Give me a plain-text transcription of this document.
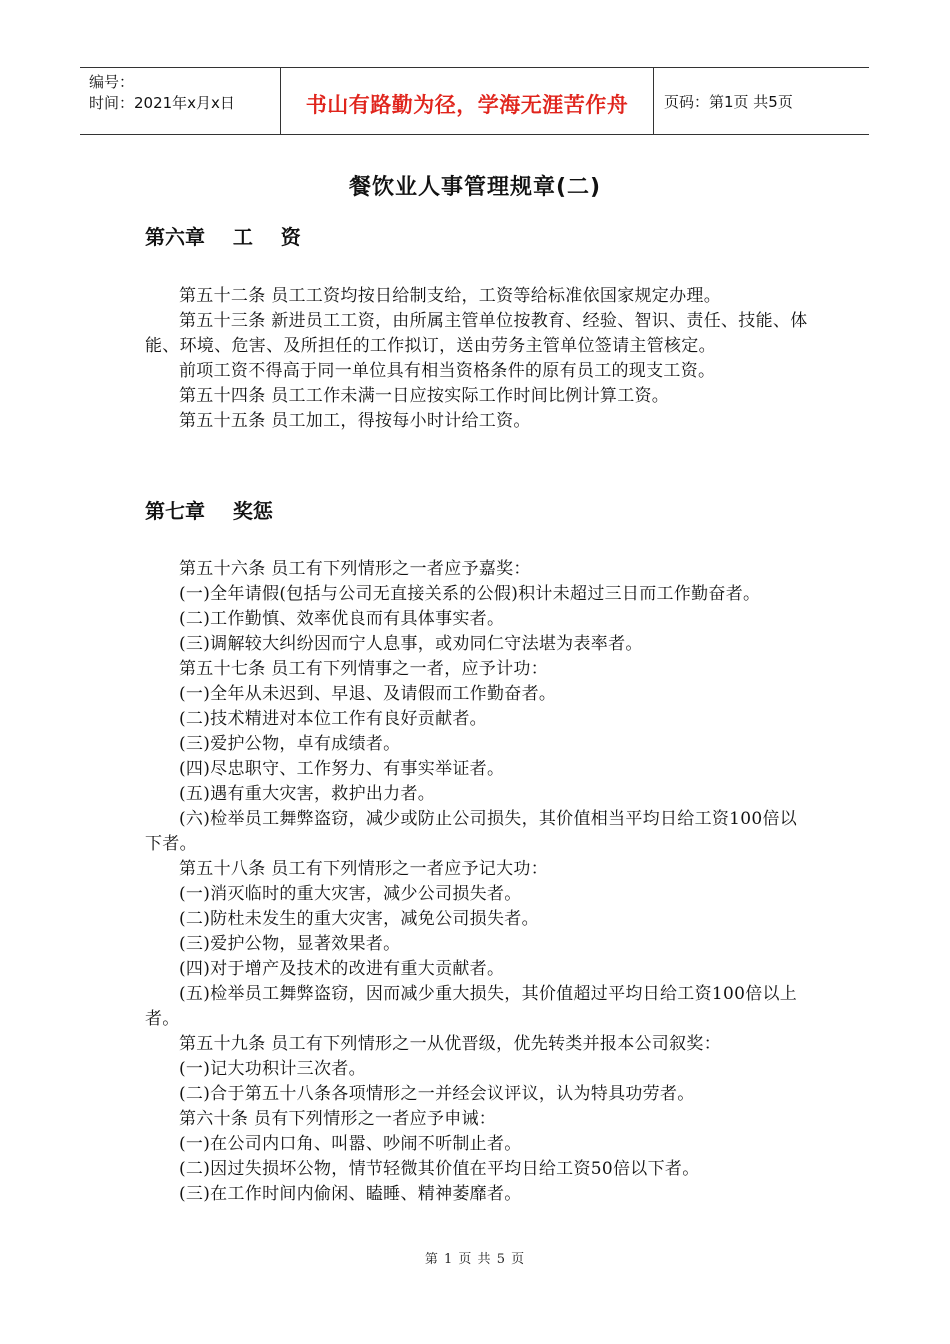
编号：
时间：2021年x月x日	书山有路勤为径，学海无涯苦作舟	页码：第1页 共5页
餐饮业人事管理规章(二)
第六章    工    资

第五十二条 员工工资均按日给制支给，工资等给标准依国家规定办理。

第五十三条 新进员工工资，由所属主管单位按教育、经验、智识、责任、技能、体能、环境、危害、及所担任的工作拟订，送由劳务主管单位签请主管核定。

前项工资不得高于同一单位具有相当资格条件的原有员工的现支工资。

第五十四条 员工工作未满一日应按实际工作时间比例计算工资。

第五十五条 员工加工，得按每小时计给工资。

第七章    奖惩

第五十六条 员工有下列情形之一者应予嘉奖：

(一)全年请假(包括与公司无直接关系的公假)积计未超过三日而工作勤奋者。

(二)工作勤慎、效率优良而有具体事实者。

(三)调解较大纠纷因而宁人息事，或劝同仁守法堪为表率者。

第五十七条 员工有下列情事之一者，应予计功：

(一)全年从未迟到、早退、及请假而工作勤奋者。

(二)技术精进对本位工作有良好贡献者。

(三)爱护公物，卓有成绩者。

(四)尽忠职守、工作努力、有事实举证者。

(五)遇有重大灾害，救护出力者。

(六)检举员工舞弊盗窃，减少或防止公司损失，其价值相当平均日给工资100倍以下者。

第五十八条 员工有下列情形之一者应予记大功：

(一)消灭临时的重大灾害，减少公司损失者。

(二)防杜未发生的重大灾害，减免公司损失者。

(三)爱护公物，显著效果者。

(四)对于增产及技术的改进有重大贡献者。

(五)检举员工舞弊盗窃，因而减少重大损失，其价值超过平均日给工资100倍以上者。

第五十九条 员工有下列情形之一从优晋级，优先转类并报本公司叙奖：

(一)记大功积计三次者。

(二)合于第五十八条各项情形之一并经会议评议，认为特具功劳者。

第六十条 员有下列情形之一者应予申诫：

(一)在公司内口角、叫嚣、吵闹不听制止者。

(二)因过失损坏公物，情节轻微其价值在平均日给工资50倍以下者。

(三)在工作时间内偷闲、瞌睡、精神萎靡者。

第 1 页 共 5 页
